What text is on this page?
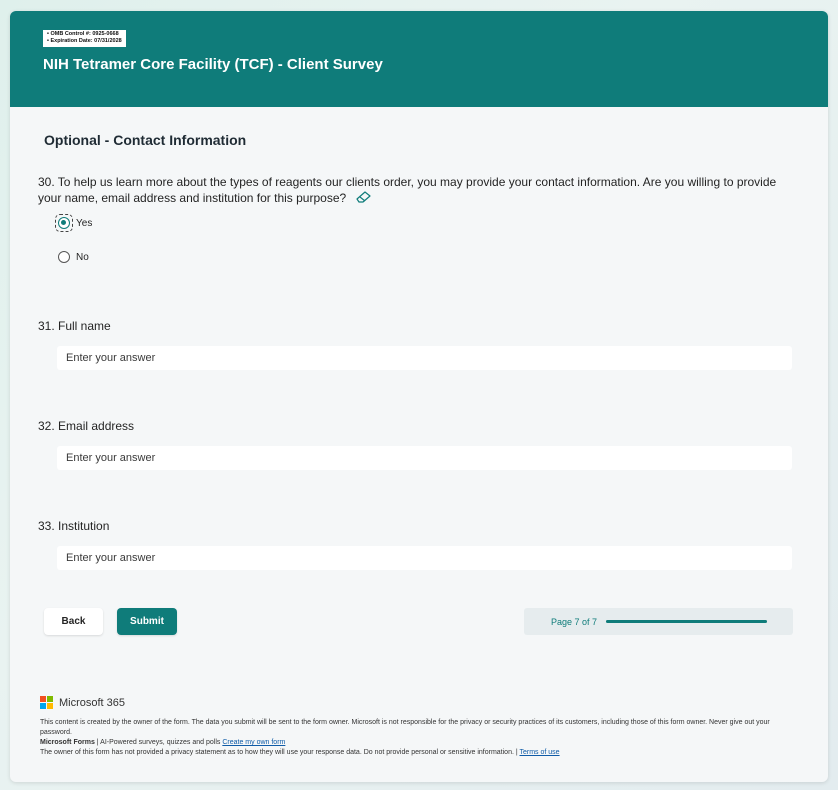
• OMB Control #: 0925-0668
• Expiration Date: 07/31/2028
NIH Tetramer Core Facility (TCF) - Client Survey
Optional - Contact Information
30. To help us learn more about the types of reagents our clients order, you may provide your contact information. Are you willing to provide your name, email address and institution for this purpose?
Yes
No
31. Full name
Enter your answer
32. Email address
Enter your answer
33. Institution
Enter your answer
Back	Submit	Page 7 of 7
Microsoft 365
This content is created by the owner of the form. The data you submit will be sent to the form owner. Microsoft is not responsible for the privacy or security practices of its customers, including those of this form owner. Never give out your password.
Microsoft Forms | AI-Powered surveys, quizzes and polls Create my own form
The owner of this form has not provided a privacy statement as to how they will use your response data. Do not provide personal or sensitive information. | Terms of use
